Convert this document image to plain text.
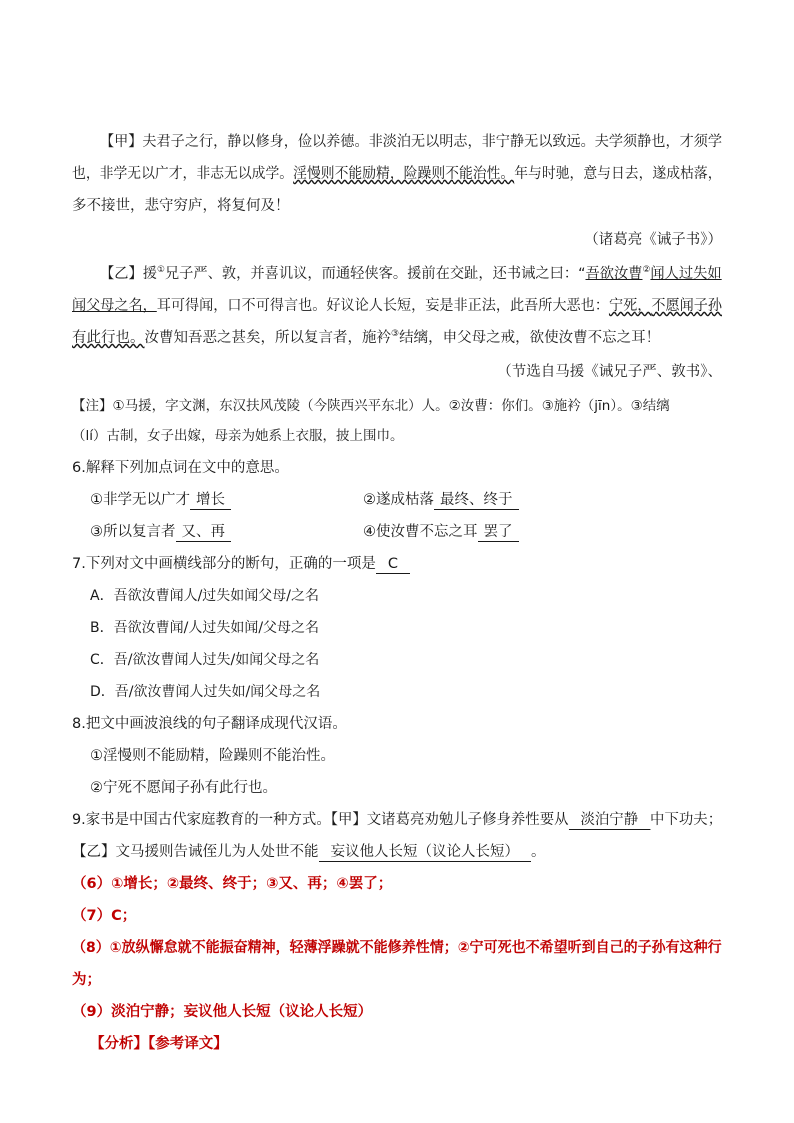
【甲】夫君子之行，静以修身，俭以养德。非淡泊无以明志，非宁静无以致远。夫学须静也，才须学
也，非学无以广才，非志无以成学。淫慢则不能励精，险躁则不能治性。年与时驰，意与日去，遂成枯落，
多不接世，悲守穷庐，将复何及！
（诸葛亮《诫子书》）
【乙】援①兄子严、敦，并喜讥议，而通轻侠客。援前在交趾，还书诫之曰：“吾欲汝曹②闻人过失如
闻父母之名，耳可得闻，口不可得言也。好议论人长短，妄是非正法，此吾所大恶也：宁死，不愿闻子孙
有此行也。汝曹知吾恶之甚矣，所以复言者，施衿③结缡，申父母之戒，欲使汝曹不忘之耳！
（节选自马援《诫兄子严、敦书》、
【注】①马援，字文渊，东汉扶风茂陵（今陕西兴平东北）人。②汝曹：你们。③施衿（jīn）。③结缡
（lí）古制，女子出嫁，母亲为她系上衣服，披上围巾。
6.解释下列加点词在文中的意思。
①非学无以广才 增长	②遂成枯落 最终、终于
③所以复言者 又、再	④使汝曹不忘之耳 罢了
7.下列对文中画横线部分的断句，正确的一项是 C
A．吾欲汝曹闻人/过失如闻父母/之名
B．吾欲汝曹闻/人过失如闻/父母之名
C．吾/欲汝曹闻人过失/如闻父母之名
D．吾/欲汝曹闻人过失如/闻父母之名
8.把文中画波浪线的句子翻译成现代汉语。
①淫慢则不能励精，险躁则不能治性。
②宁死不愿闻子孙有此行也。
9.家书是中国古代家庭教育的一种方式。【甲】文诸葛亮劝勉儿子修身养性要从 淡泊宁静 中下功夫；
【乙】文马援则告诫侄儿为人处世不能 妄议他人长短（议论人长短） 。
（6）①增长；②最终、终于；③又、再；④罢了；
（7）C；
（8）①放纵懈怠就不能振奋精神，轻薄浮躁就不能修养性情；②宁可死也不希望听到自己的子孙有这种行
为；
（9）淡泊宁静；妄议他人长短（议论人长短）
【分析】【参考译文】
